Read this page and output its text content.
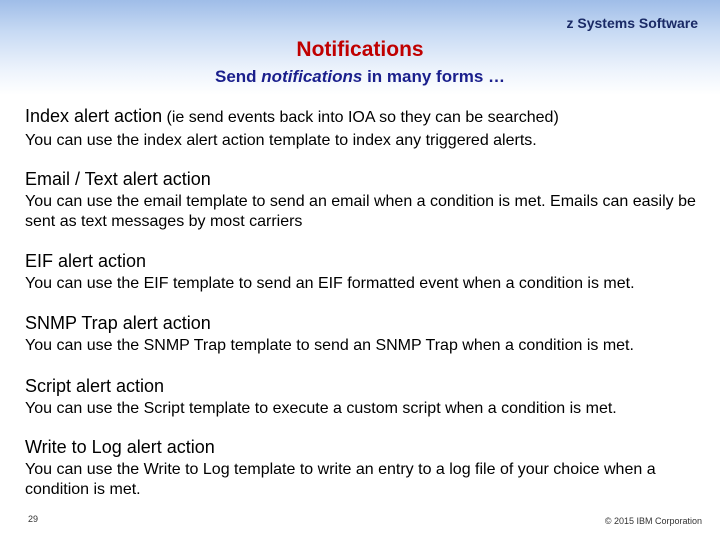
z Systems Software
Notifications
Send notifications in many forms …
Index alert action (ie send events back into IOA so they can be searched)
You can use the index alert action template to index any triggered alerts.
Email / Text alert action
You can use the email template to send an email when a condition is met. Emails can easily be sent as text messages by most carriers
EIF alert action
You can use the EIF template to send an EIF formatted event when a condition is met.
SNMP Trap alert action
You can use the SNMP Trap template to send an SNMP Trap when a condition is met.
Script alert action
You can use the Script template to execute a custom script when a condition is met.
Write to Log alert action
You can use the Write to Log template to write an entry to a log file of your choice when a condition is met.
29	© 2015 IBM Corporation
